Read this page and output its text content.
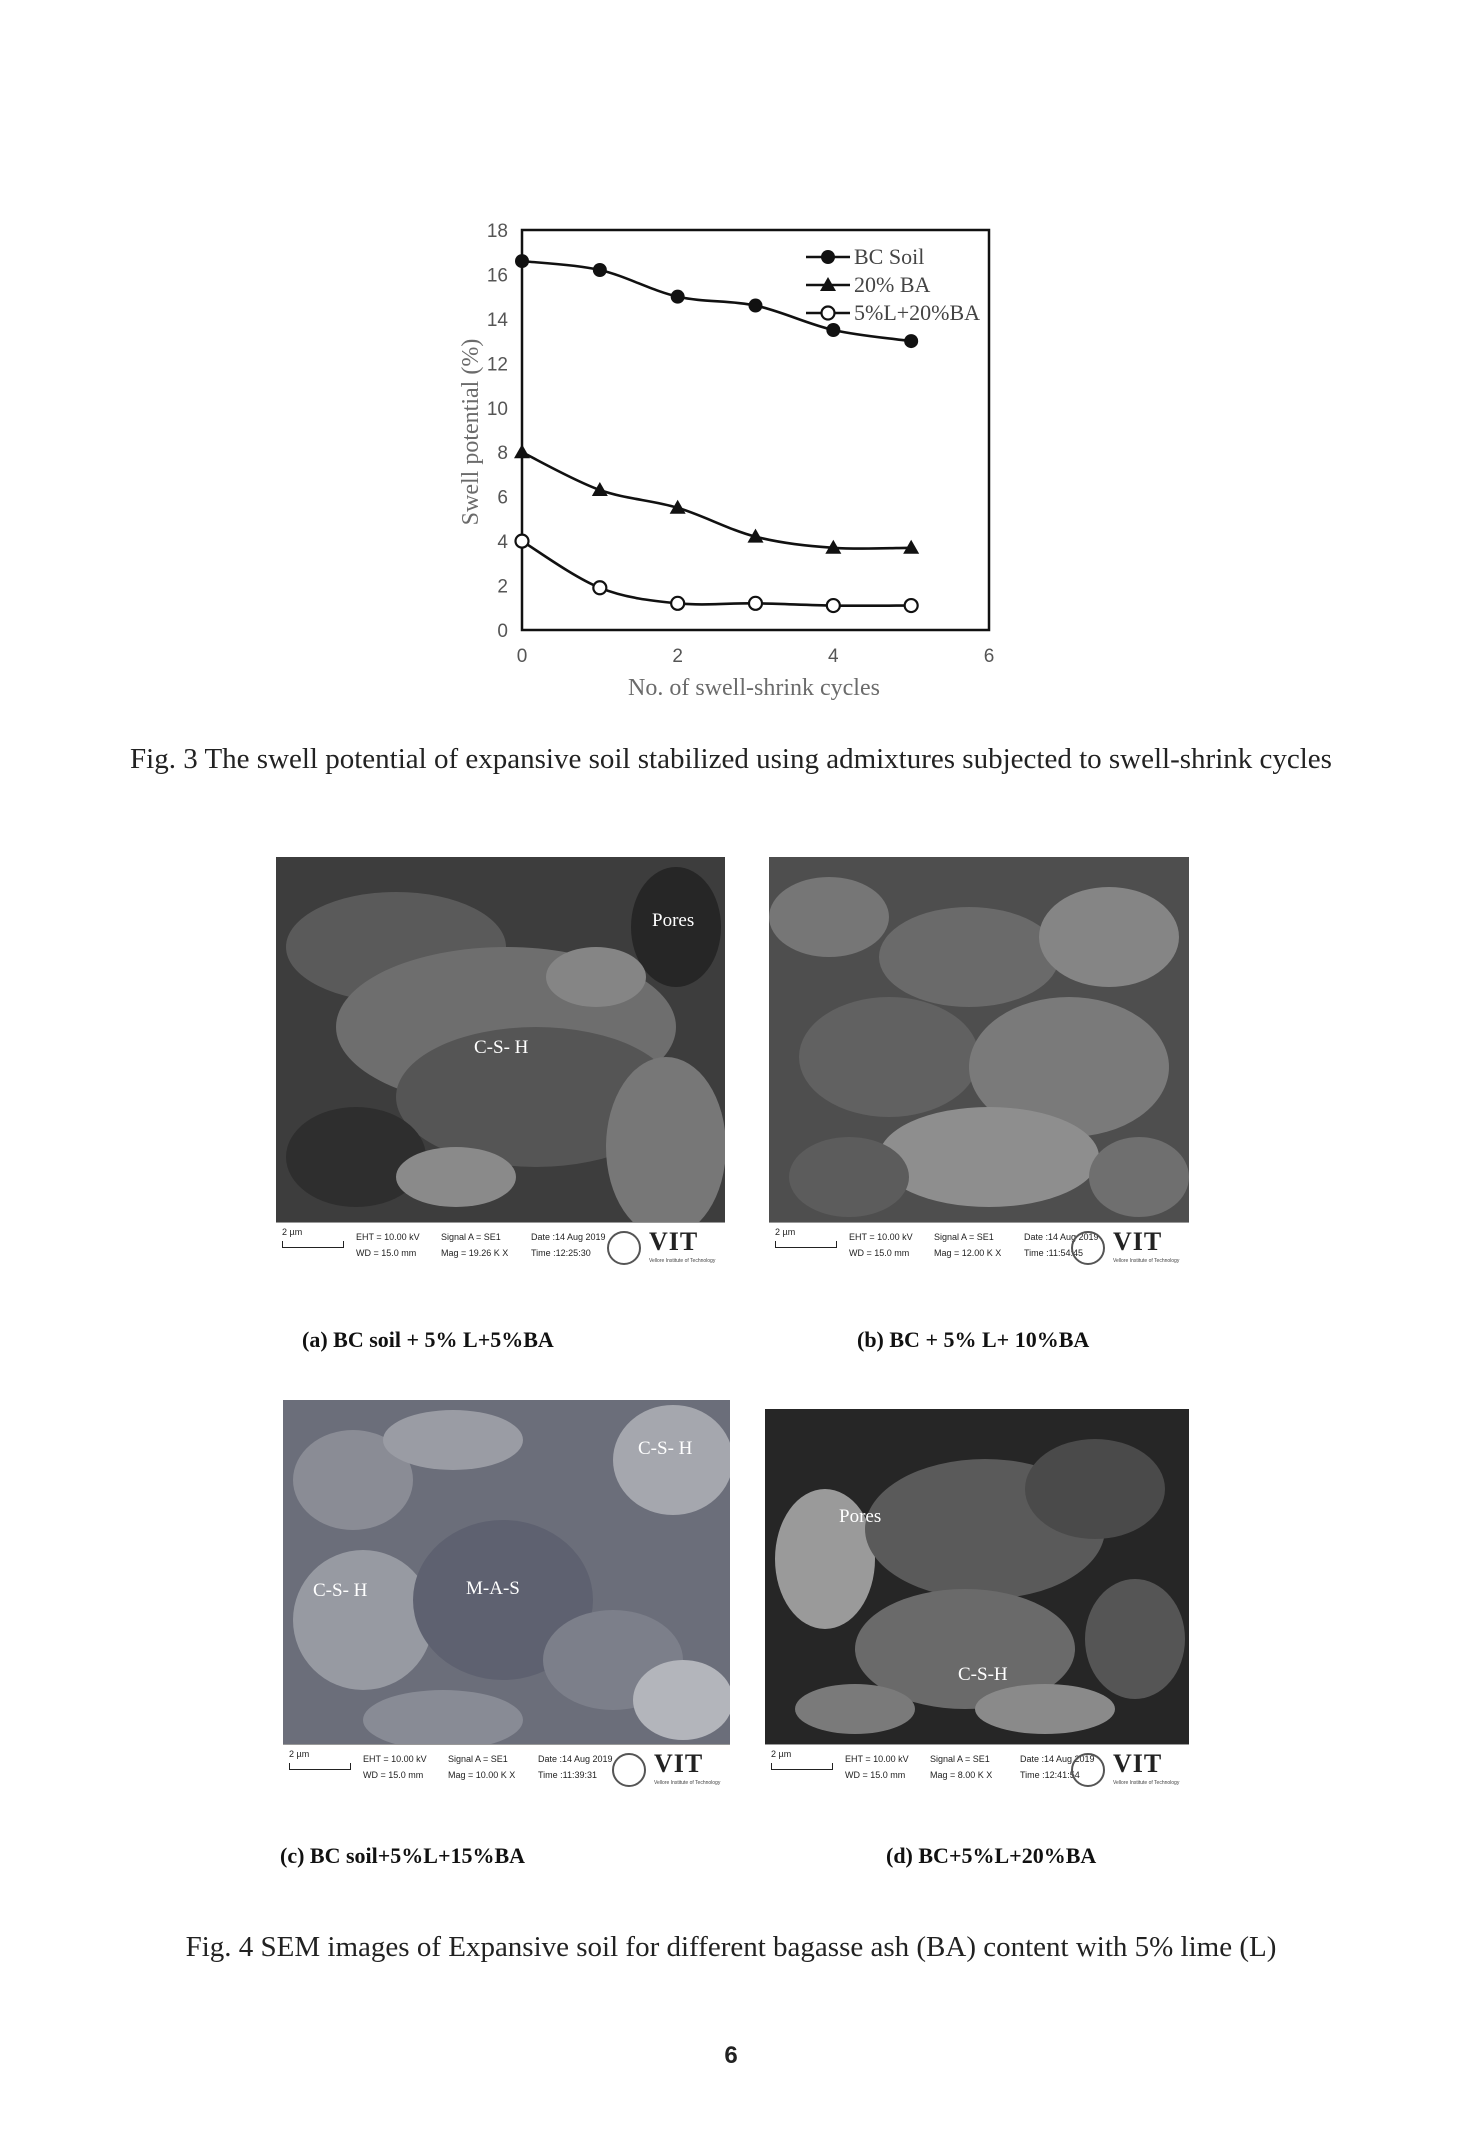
Swell potential (%)
No. of swell-shrink cycles
0
2
4
6
8
10
12
14
16
18
0	2	4	6
BC Soil
20% BA
5%L+20%BA
Fig. 3 The swell potential of expansive soil stabilized using admixtures subjected to swell-shrink cycles
Pores
C-S- H
2 µm	EHT = 10.00 kV
WD = 15.0 mm
Signal A = SE1
Mag = 19.26 K X
Date :14 Aug 2019
Time :12:25:30	VIT
Vellore Institute of Technology
(a) BC soil + 5% L+5%BA
2 µm	EHT = 10.00 kV
WD = 15.0 mm
Signal A = SE1
Mag = 12.00 K X
Date :14 Aug 2019
Time :11:54:45	VIT
Vellore Institute of Technology
(b) BC + 5% L+ 10%BA
C-S- H
C-S- H	M-A-S
2 µm	EHT = 10.00 kV
WD = 15.0 mm
Signal A = SE1
Mag = 10.00 K X
Date :14 Aug 2019
Time :11:39:31	VIT
Vellore Institute of Technology
(c) BC soil+5%L+15%BA
Pores
C-S-H
2 µm	EHT = 10.00 kV
WD = 15.0 mm
Signal A = SE1
Mag = 8.00 K X
Date :14 Aug 2019
Time :12:41:54	VIT
Vellore Institute of Technology
(d) BC+5%L+20%BA
Fig. 4 SEM images of Expansive soil for different bagasse ash (BA) content with 5% lime (L)
6
